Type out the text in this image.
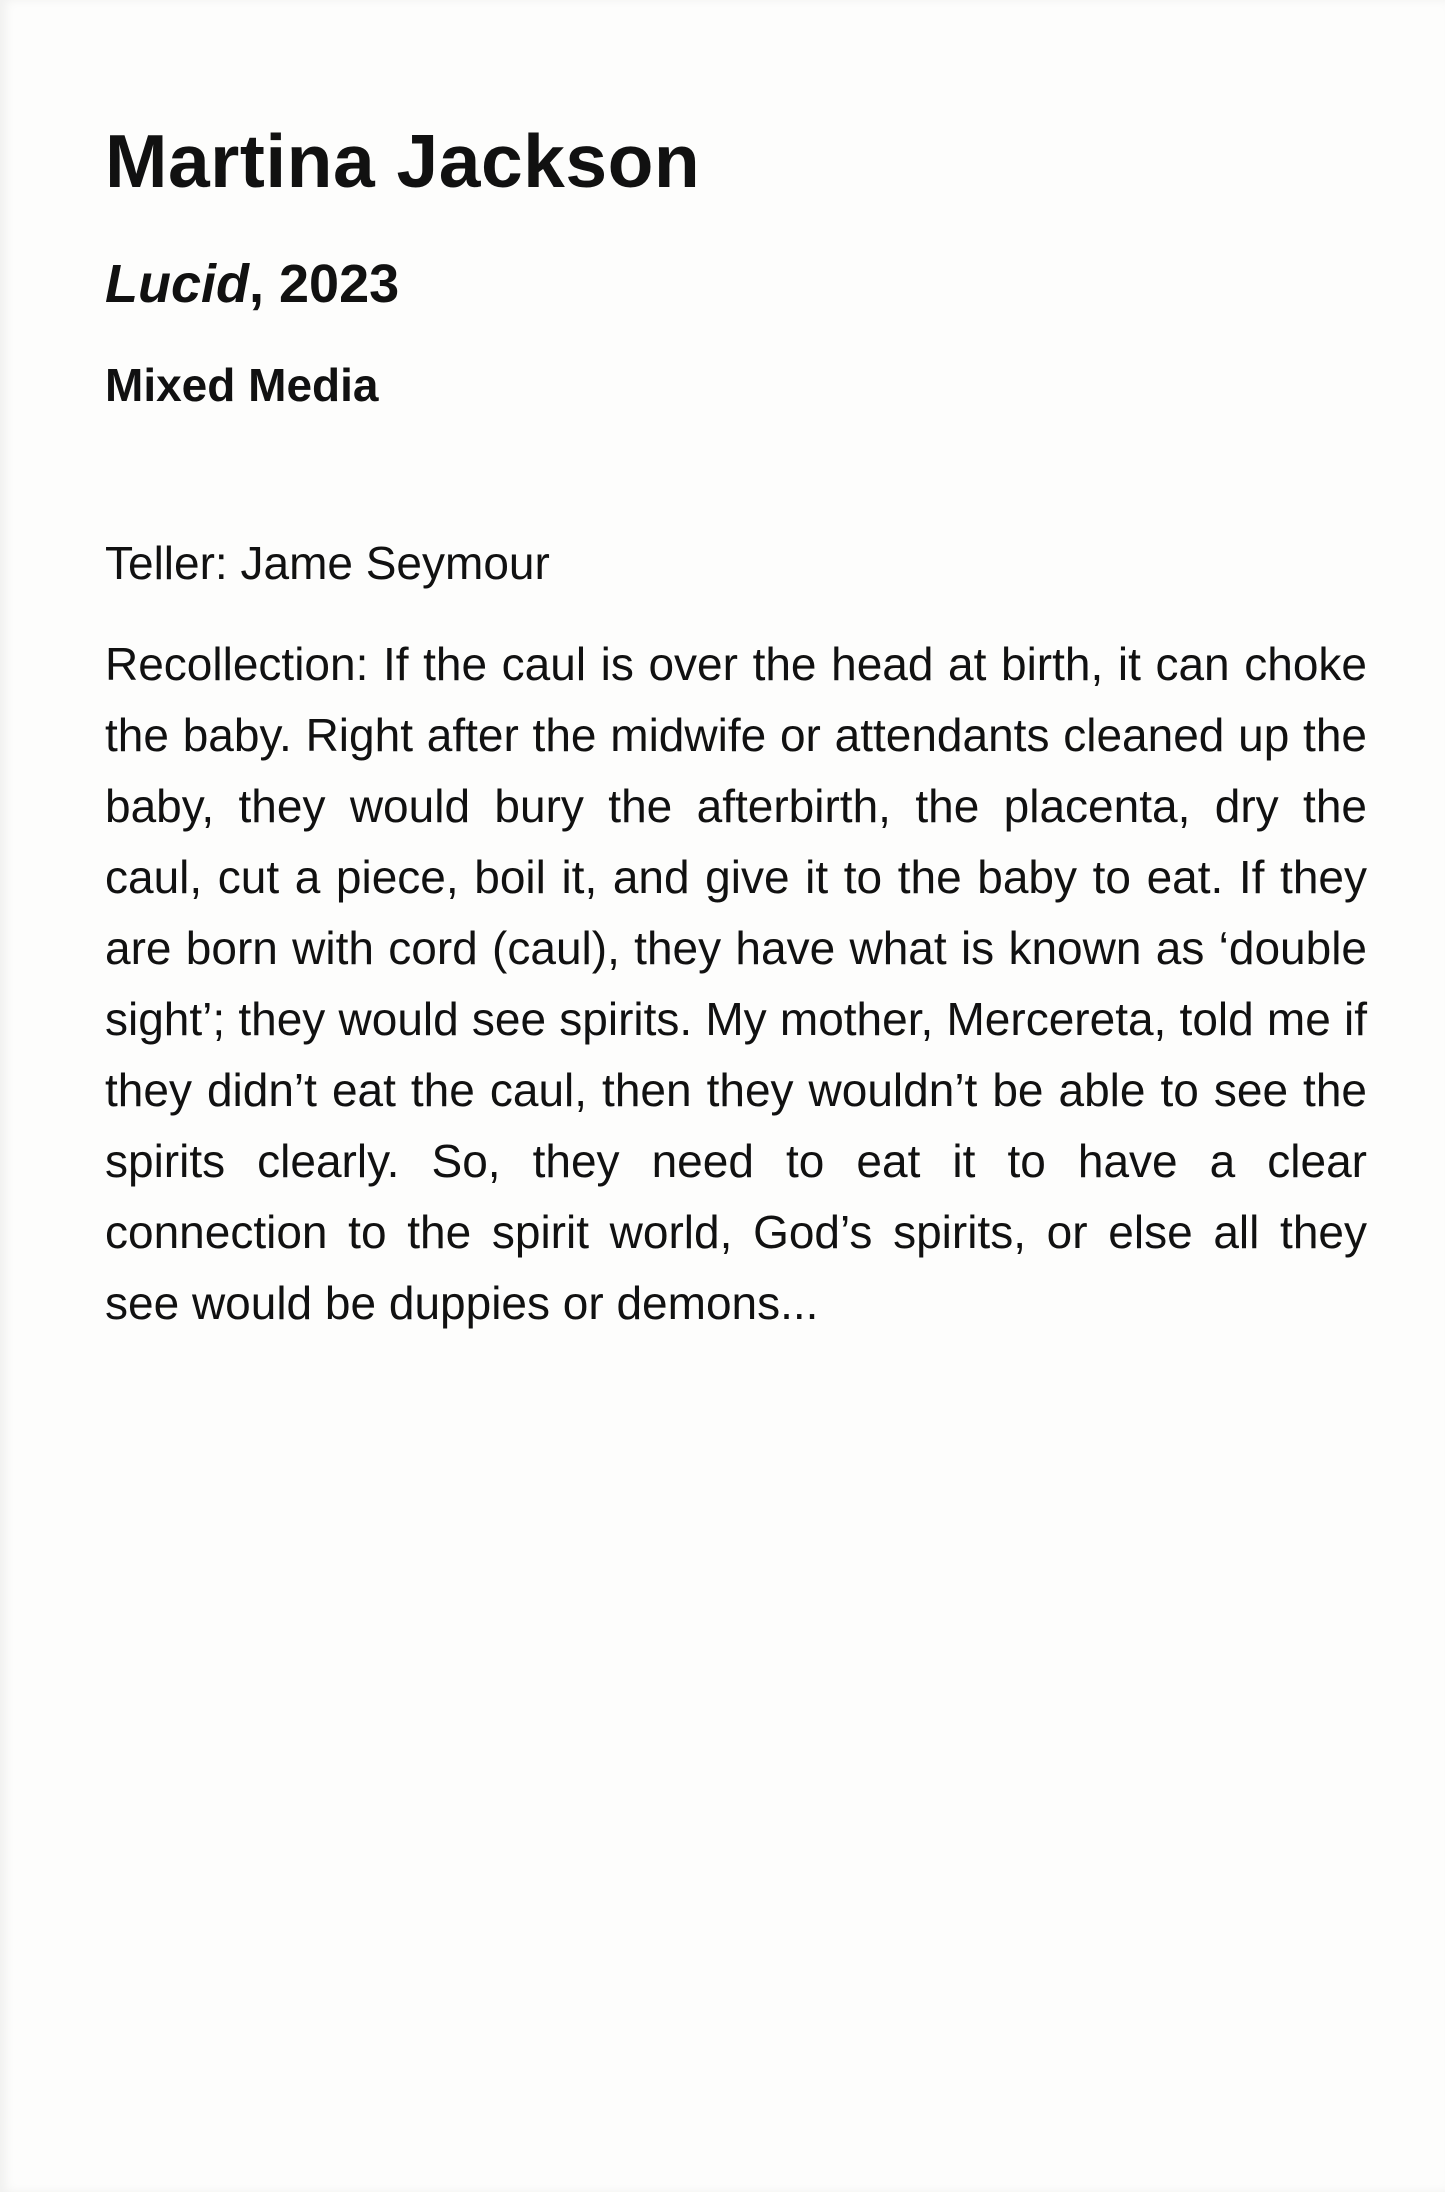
Martina Jackson
Lucid, 2023
Mixed Media
Teller: Jame Seymour

Recollection: If the caul is over the head at birth, it can choke the baby. Right after the midwife or attendants cleaned up the baby, they would bury the afterbirth, the placenta, dry the caul, cut a piece, boil it, and give it to the baby to eat. If they are born with cord (caul), they have what is known as ‘double sight’; they would see spirits. My mother, Mercereta, told me if they didn’t eat the caul, then they wouldn’t be able to see the spirits clearly. So, they need to eat it to have a clear connection to the spirit world, God’s spirits, or else all they see would be duppies or demons...
